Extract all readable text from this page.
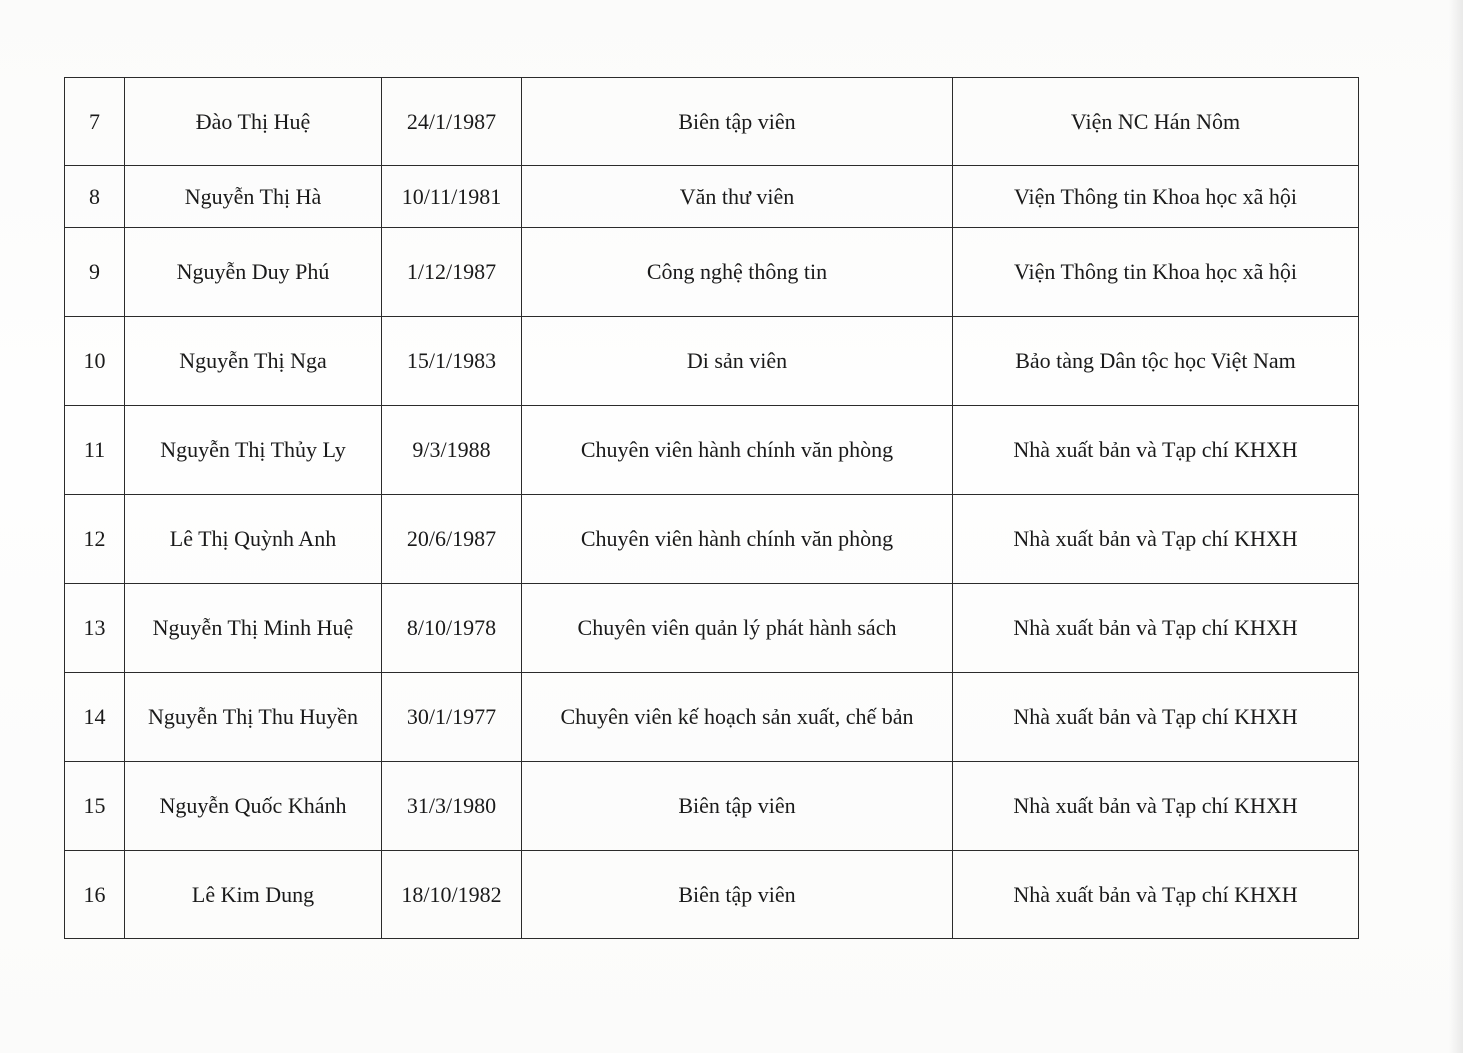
7	Đào Thị Huệ	24/1/1987	Biên tập viên	Viện NC Hán Nôm
8	Nguyễn Thị Hà	10/11/1981	Văn thư viên	Viện Thông tin Khoa học xã hội
9	Nguyễn Duy Phú	1/12/1987	Công nghệ thông tin	Viện Thông tin Khoa học xã hội
10	Nguyễn Thị Nga	15/1/1983	Di sản viên	Bảo tàng Dân tộc học Việt Nam
11	Nguyễn Thị Thủy Ly	9/3/1988	Chuyên viên hành chính văn phòng	Nhà xuất bản và Tạp chí KHXH
12	Lê Thị Quỳnh Anh	20/6/1987	Chuyên viên hành chính văn phòng	Nhà xuất bản và Tạp chí KHXH
13	Nguyễn Thị Minh Huệ	8/10/1978	Chuyên viên quản lý phát hành sách	Nhà xuất bản và Tạp chí KHXH
14	Nguyễn Thị Thu Huyền	30/1/1977	Chuyên viên kế hoạch sản xuất, chế bản	Nhà xuất bản và Tạp chí KHXH
15	Nguyễn Quốc Khánh	31/3/1980	Biên tập viên	Nhà xuất bản và Tạp chí KHXH
16	Lê Kim Dung	18/10/1982	Biên tập viên	Nhà xuất bản và Tạp chí KHXH
